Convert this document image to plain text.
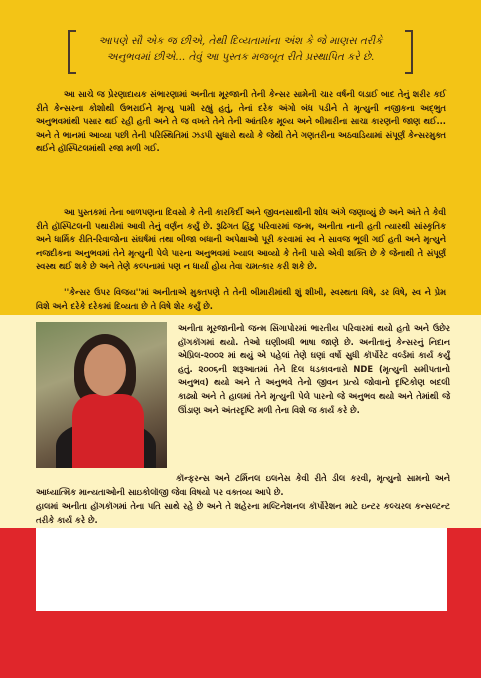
આપણે સૌ એક જ છીએ, તેથી દિવ્યતામાંના અંશ કે જે માણસ તરીકે અનુભવમાં છીએ... તેવું આ પુસ્તક મજબૂત રીતે પ્રસ્થાપિત કરે છે.

આ સાચે જ પ્રેરણાદાયક સંભારણામાં અનીતા મૂરજાની તેની કેન્સર સામેની ચાર વર્ષની લડાઈ બાદ તેનું શરીર કઈ રીતે કેન્સરના કોશોથી ઉભરાઈને મૃત્યુ પામી રહ્યું હતું, તેનાં દરેક અંગો બંધ પડીને તે મૃત્યુની નજીકના અદ્ભુત અનુભવમાંથી પસાર થઈ રહી હતી અને તે જ વખતે તેને તેની આંતરિક મૂલ્ય અને બીમારીના સાચા કારણની જાણ થઈ... અને તે ભાનમાં આવ્યા પછી તેની પરિસ્થિતિમાં ઝડપી સુધારો થયો કે જેથી તેને ગણતરીના અઠવાડિયામાં સંપૂર્ણ કેન્સરમુક્ત થઈને હૉસ્પિટલમાંથી રજા મળી ગઈ.

આ પુસ્તકમાં તેના બાળપણના દિવસો કે તેની કારકિર્દી અને જીવનસાથીની શોધ અંગે જણાવ્યું છે અને અંતે તે કેવી રીતે હૉસ્પિટલની પથારીમાં આવી તેનું વર્ણન કર્યું છે. રૂઢિગત હિંદુ પરિવારમાં જન્મ, અનીતા નાની હતી ત્યારથી સાંસ્કૃતિક અને ધાર્મિક રીતિ-રિવાજોના સંઘર્ષમાં તથા બીજા બધાની અપેક્ષાઓ પૂરી કરવામાં સ્વ ને સાવજ ભૂલી ગઈ હતી અને મૃત્યુને નજદીકના અનુભવમાં તેને મૃત્યુની પેલે પારના અનુભવમાં ખ્યાલ આવ્યો કે તેની પાસે એવી શક્તિ છે કે જેનાથી તે સંપૂર્ણ સ્વસ્થ થઈ શકે છે અને તેણે કલ્પનામાં પણ ન ધાર્યા હોય તેવા ચમત્કાર કરી શકે છે.

''કેન્સર ઉપર વિજય''માં અનીતાએ મુક્તપણે તે તેની બીમારીમાંથી શું શીખી, સ્વસ્થતા વિષે, ડર વિષે, સ્વ ને પ્રેમ વિશે અને દરેકે દરેકમાં દિવ્યતા છે તે વિષે શેર કર્યું છે.

અનીતા મૂરજાનીનો જન્મ સિંગાપોરમાં ભારતીય પરિવારમાં થયો હતો અને ઉછેર હૉંગકૉંગમાં થયો. તેઓ ઘણીબધી ભાષા જાણે છે. અનીતાનું કેન્સરનું નિદાન એપ્રિલ-૨૦૦૨ માં થયું એ પહેલાં તેણે ઘણાં વર્ષો સુધી કૉર્પોરેટ વર્લ્ડમાં કાર્ય કર્યું હતું. ૨૦૦૬ની શરૂઆતમાં તેને દિલ ધડકાવનારો NDE (મૃત્યુની સમીપતાનો અનુભવ) થયો અને તે અનુભવે તેનો જીવન પ્રત્યે જોવાનો દૃષ્ટિકોણ બદલી કાઢ્યો અને તે હાલમાં તેને મૃત્યુની પેલે પારનો જે અનુભવ થયો અને તેમાંથી જે ઊંડાણ અને અંતરદૃષ્ટિ મળી તેના વિશે જ કાર્ય કરે છે.

કૉન્ફરન્સ અને ટર્મિનલ ઇલનેસ કેવી રીતે ડીલ કરવી, મૃત્યુનો સામનો અને આધ્યાત્મિક માન્યતાઓની સાઇકોલૉજી જેવા વિષયો પર વક્તવ્ય આપે છે.

હાલમાં અનીતા હૉંગકૉંગમાં તેના પતિ સાથે રહે છે અને તે શહેરના મલ્ટિનેશનલ કૉર્પોરેશન માટે ઇન્ટર કલ્ચરલ કન્સલ્ટન્ટ તરીકે કાર્ય કરે છે.
